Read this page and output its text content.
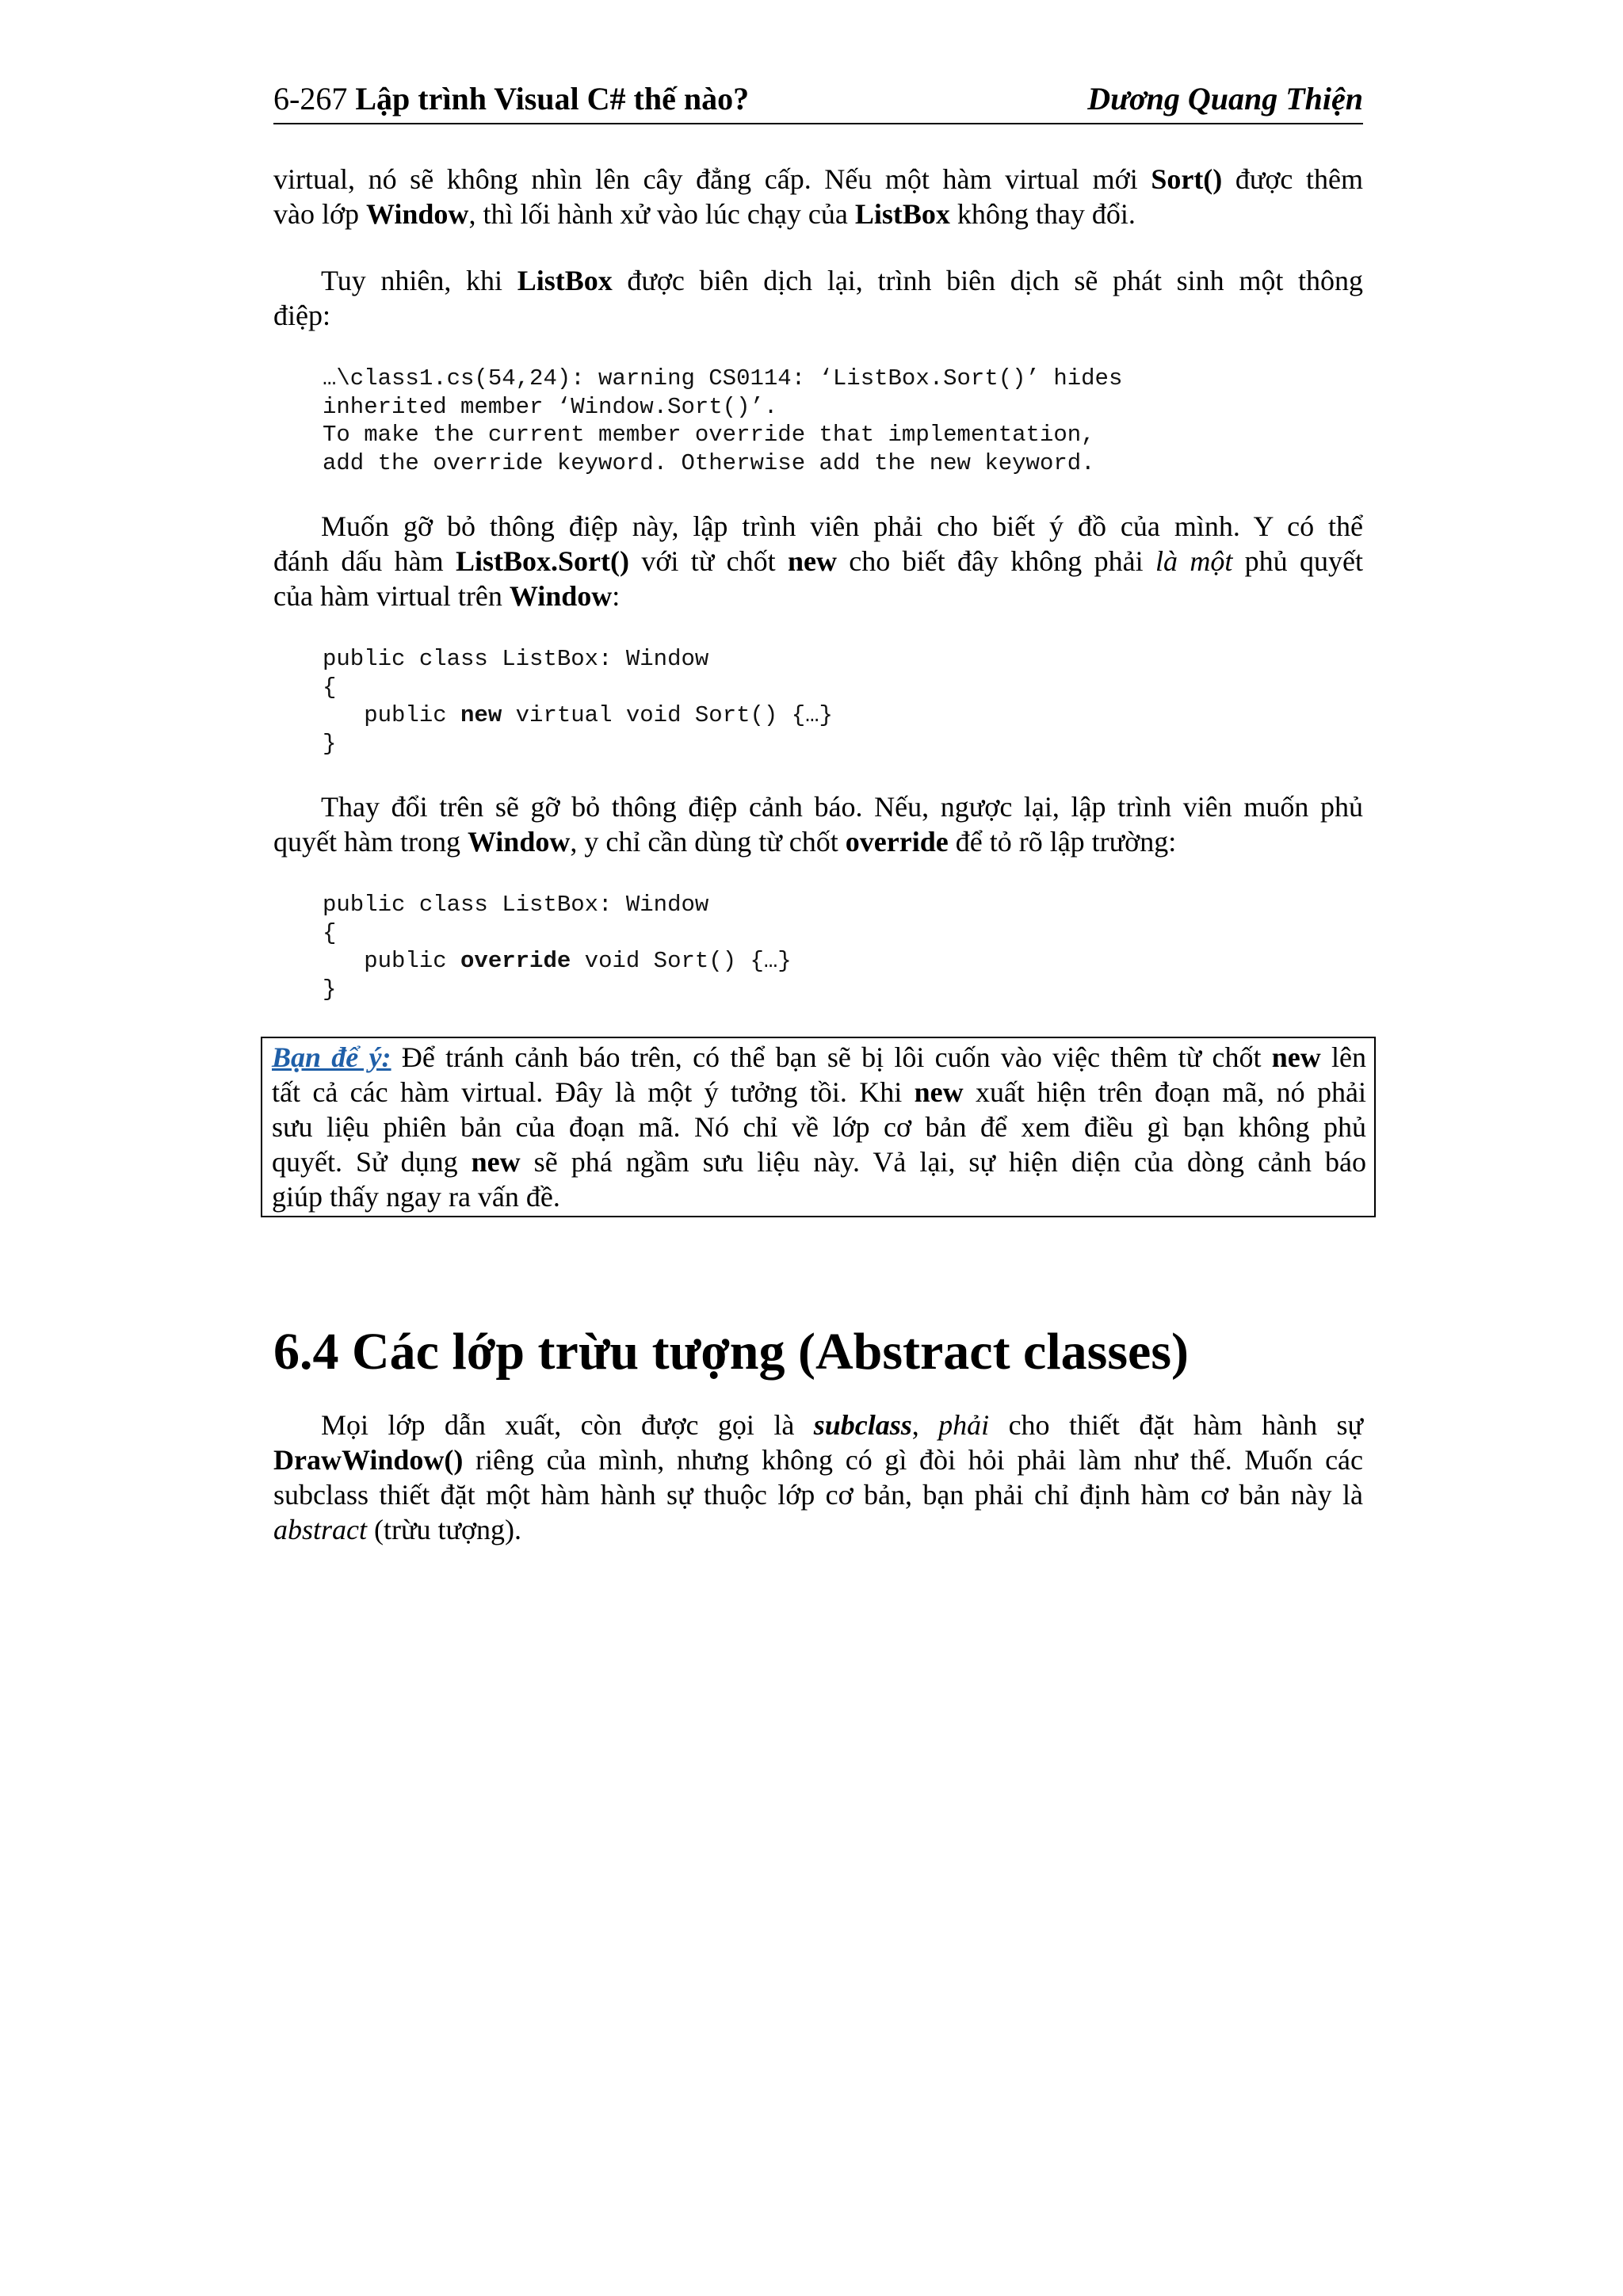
6-267 Lập trình Visual C# thế nào?	Dương Quang Thiện
virtual, nó sẽ không nhìn lên cây đẳng cấp. Nếu một hàm virtual mới Sort() được thêm
vào lớp Window, thì lối hành xử vào lúc chạy của ListBox không thay đổi.
Tuy nhiên, khi ListBox được biên dịch lại, trình biên dịch sẽ phát sinh một thông
điệp:
…\class1.cs(54,24): warning CS0114: ‘ListBox.Sort()’ hides
inherited member ‘Window.Sort()’.
To make the current member override that implementation,
add the override keyword. Otherwise add the new keyword.
Muốn gỡ bỏ thông điệp này, lập trình viên phải cho biết ý đồ của mình. Y có thể
đánh dấu hàm ListBox.Sort() với từ chốt new cho biết đây không phải là một phủ quyết
của hàm virtual trên Window:
public class ListBox: Window
{
public new virtual void Sort() {…}
}
Thay đổi trên sẽ gỡ bỏ thông điệp cảnh báo. Nếu, ngược lại, lập trình viên muốn phủ
quyết hàm trong Window, y chỉ cần dùng từ chốt override để tỏ rõ lập trường:
public class ListBox: Window
{
public override void Sort() {…}
}
Bạn để ý: Để tránh cảnh báo trên, có thể bạn sẽ bị lôi cuốn vào việc thêm từ chốt new lên
tất cả các hàm virtual. Đây là một ý tưởng tồi. Khi new xuất hiện trên đoạn mã, nó phải
sưu liệu phiên bản của đoạn mã. Nó chỉ về lớp cơ bản để xem điều gì bạn không phủ
quyết. Sử dụng new sẽ phá ngầm sưu liệu này. Vả lại, sự hiện diện của dòng cảnh báo
giúp thấy ngay ra vấn đề.
6.4 Các lớp trừu tượng (Abstract classes)
Mọi lớp dẫn xuất, còn được gọi là subclass, phải cho thiết đặt hàm hành sự
DrawWindow() riêng của mình, nhưng không có gì đòi hỏi phải làm như thế. Muốn các
subclass thiết đặt một hàm hành sự thuộc lớp cơ bản, bạn phải chỉ định hàm cơ bản này là
abstract (trừu tượng).
